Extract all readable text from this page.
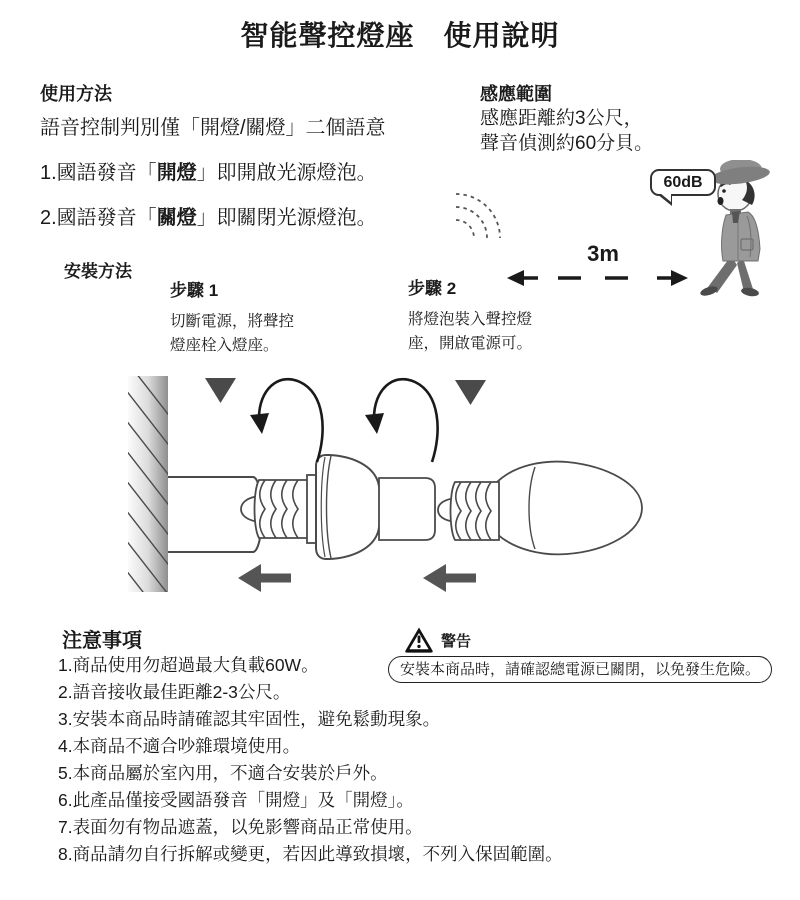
智能聲控燈座　使用說明
使用方法
語音控制判別僅「開燈/關燈」二個語意
1.國語發音「開燈」即開啟光源燈泡。
2.國語發音「關燈」即關閉光源燈泡。
感應範圍
感應距離約3公尺，
聲音偵測約60分貝。
60dB
3m
安裝方法
步驟 1
切斷電源，將聲控
燈座栓入燈座。
步驟 2
將燈泡裝入聲控燈
座，開啟電源可。
注意事項	警告
安裝本商品時，請確認總電源已關閉，以免發生危險。
1.商品使用勿超過最大負載60W。
2.語音接收最佳距離2-3公尺。
3.安裝本商品時請確認其牢固性，避免鬆動現象。
4.本商品不適合吵雜環境使用。
5.本商品屬於室內用，不適合安裝於戶外。
6.此產品僅接受國語發音「開燈」及「開燈」。
7.表面勿有物品遮蓋，以免影響商品正常使用。
8.商品請勿自行拆解或變更，若因此導致損壞，不列入保固範圍。
